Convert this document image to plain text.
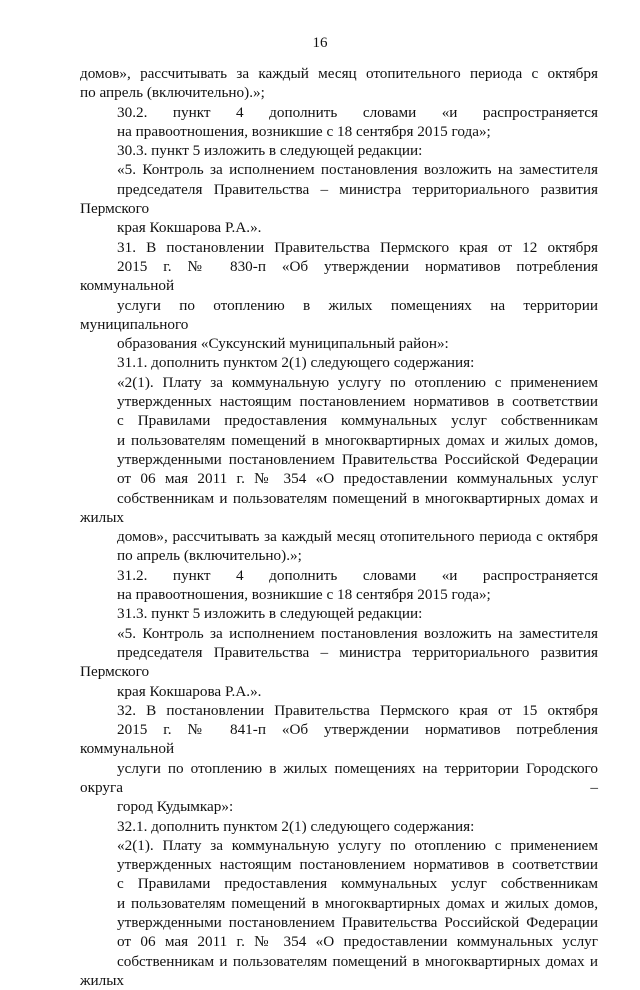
16

домов», рассчитывать за каждый месяц отопительного периода с октября
по апрель (включительно).»;

30.2. пункт 4 дополнить словами «и распространяется
на правоотношения, возникшие с 18 сентября 2015 года»;

30.3. пункт 5 изложить в следующей редакции:

«5. Контроль за исполнением постановления возложить на заместителя
председателя Правительства – министра территориального развития Пермского
края Кокшарова Р.А.».

31. В постановлении Правительства Пермского края от 12 октября
2015 г. № 830-п «Об утверждении нормативов потребления коммунальной
услуги по отоплению в жилых помещениях на территории муниципального
образования «Суксунский муниципальный район»:

31.1. дополнить пунктом 2(1) следующего содержания:

«2(1). Плату за коммунальную услугу по отоплению с применением
утвержденных настоящим постановлением нормативов в соответствии
с Правилами предоставления коммунальных услуг собственникам
и пользователям помещений в многоквартирных домах и жилых домов,
утвержденными постановлением Правительства Российской Федерации
от 06 мая 2011 г. № 354 «О предоставлении коммунальных услуг
собственникам и пользователям помещений в многоквартирных домах и жилых
домов», рассчитывать за каждый месяц отопительного периода с октября
по апрель (включительно).»;

31.2. пункт 4 дополнить словами «и распространяется
на правоотношения, возникшие с 18 сентября 2015 года»;

31.3. пункт 5 изложить в следующей редакции:

«5. Контроль за исполнением постановления возложить на заместителя
председателя Правительства – министра территориального развития Пермского
края Кокшарова Р.А.».

32. В постановлении Правительства Пермского края от 15 октября
2015 г. № 841-п «Об утверждении нормативов потребления коммунальной
услуги по отоплению в жилых помещениях на территории Городского округа –
город Кудымкар»:

32.1. дополнить пунктом 2(1) следующего содержания:

«2(1). Плату за коммунальную услугу по отоплению с применением
утвержденных настоящим постановлением нормативов в соответствии
с Правилами предоставления коммунальных услуг собственникам
и пользователям помещений в многоквартирных домах и жилых домов,
утвержденными постановлением Правительства Российской Федерации
от 06 мая 2011 г. № 354 «О предоставлении коммунальных услуг
собственникам и пользователям помещений в многоквартирных домах и жилых
